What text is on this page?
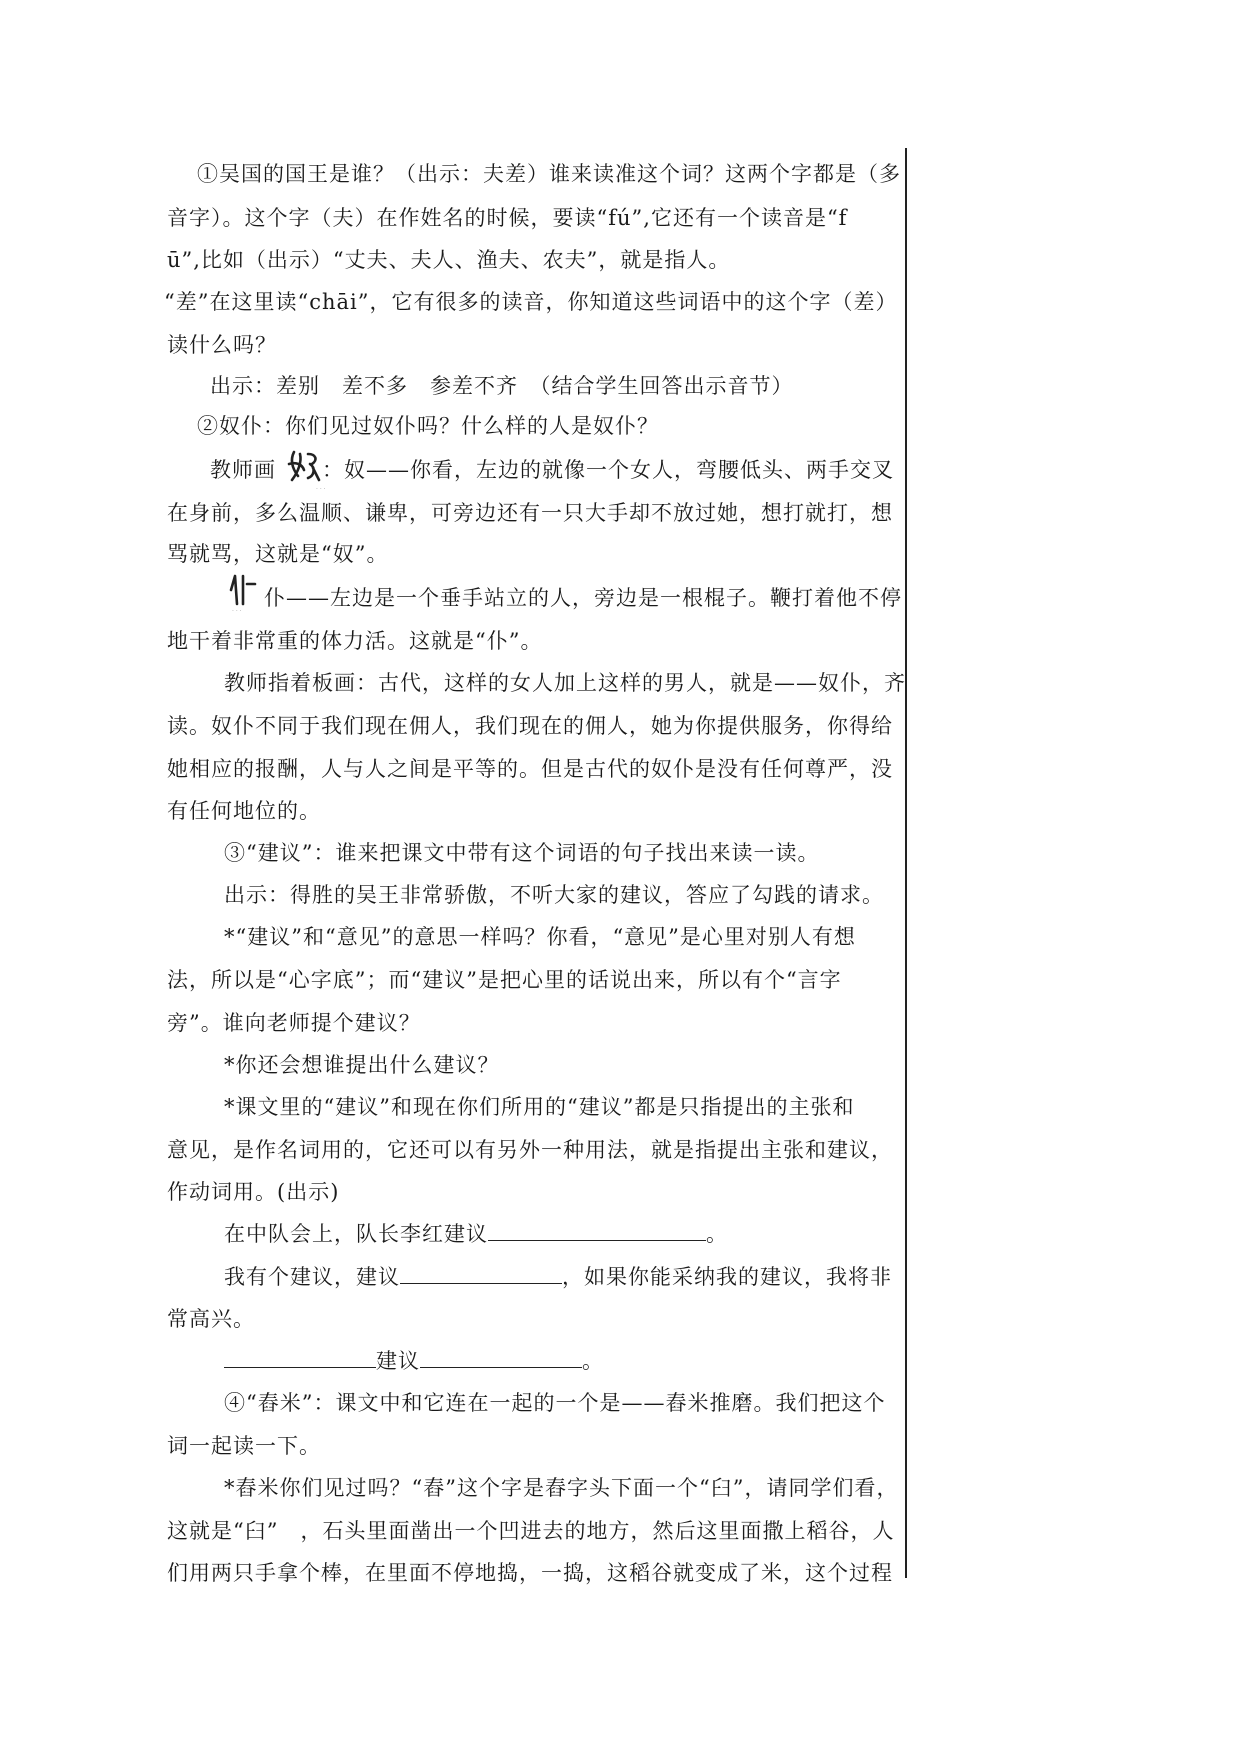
①吴国的国王是谁？（出示：夫差）谁来读准这个词？这两个字都是（多
音字）。这个字（夫）在作姓名的时候，要读“fú”,它还有一个读音是“f
ū”,比如（出示）“丈夫、夫人、渔夫、农夫”，就是指人。
“差”在这里读“chāi”，它有很多的读音，你知道这些词语中的这个字（差）
读什么吗？
出示：差别　差不多　参差不齐　（结合学生回答出示音节）
②奴仆：你们见过奴仆吗？什么样的人是奴仆？
教师画
· · ·
：奴——你看，左边的就像一个女人，弯腰低头、两手交叉
在身前，多么温顺、谦卑，可旁边还有一只大手却不放过她，想打就打，想
骂就骂，这就是“奴”。
· · ·
仆——左边是一个垂手站立的人，旁边是一根棍子。鞭打着他不停
地干着非常重的体力活。这就是“仆”。
教师指着板画：古代，这样的女人加上这样的男人，就是——奴仆，齐
读。奴仆不同于我们现在佣人，我们现在的佣人，她为你提供服务，你得给
她相应的报酬，人与人之间是平等的。但是古代的奴仆是没有任何尊严，没
有任何地位的。
③“建议”：谁来把课文中带有这个词语的句子找出来读一读。
出示：得胜的吴王非常骄傲，不听大家的建议，答应了勾践的请求。
*“建议”和“意见”的意思一样吗？你看，“意见”是心里对别人有想
法，所以是“心字底”；而“建议”是把心里的话说出来，所以有个“言字
旁”。谁向老师提个建议？
*你还会想谁提出什么建议？
*课文里的“建议”和现在你们所用的“建议”都是只指提出的主张和
意见，是作名词用的，它还可以有另外一种用法，就是指提出主张和建议，
作动词用。(出示)
在中队会上，队长李红建议	。
我有个建议，建议	，如果你能采纳我的建议，我将非
常高兴。
建议	。
④“舂米”：课文中和它连在一起的一个是——舂米推磨。我们把这个
词一起读一下。
*舂米你们见过吗？“舂”这个字是舂字头下面一个“臼”，请同学们看，
这就是“臼”　，石头里面凿出一个凹进去的地方，然后这里面撒上稻谷，人
们用两只手拿个棒，在里面不停地捣，一捣，这稻谷就变成了米，这个过程
